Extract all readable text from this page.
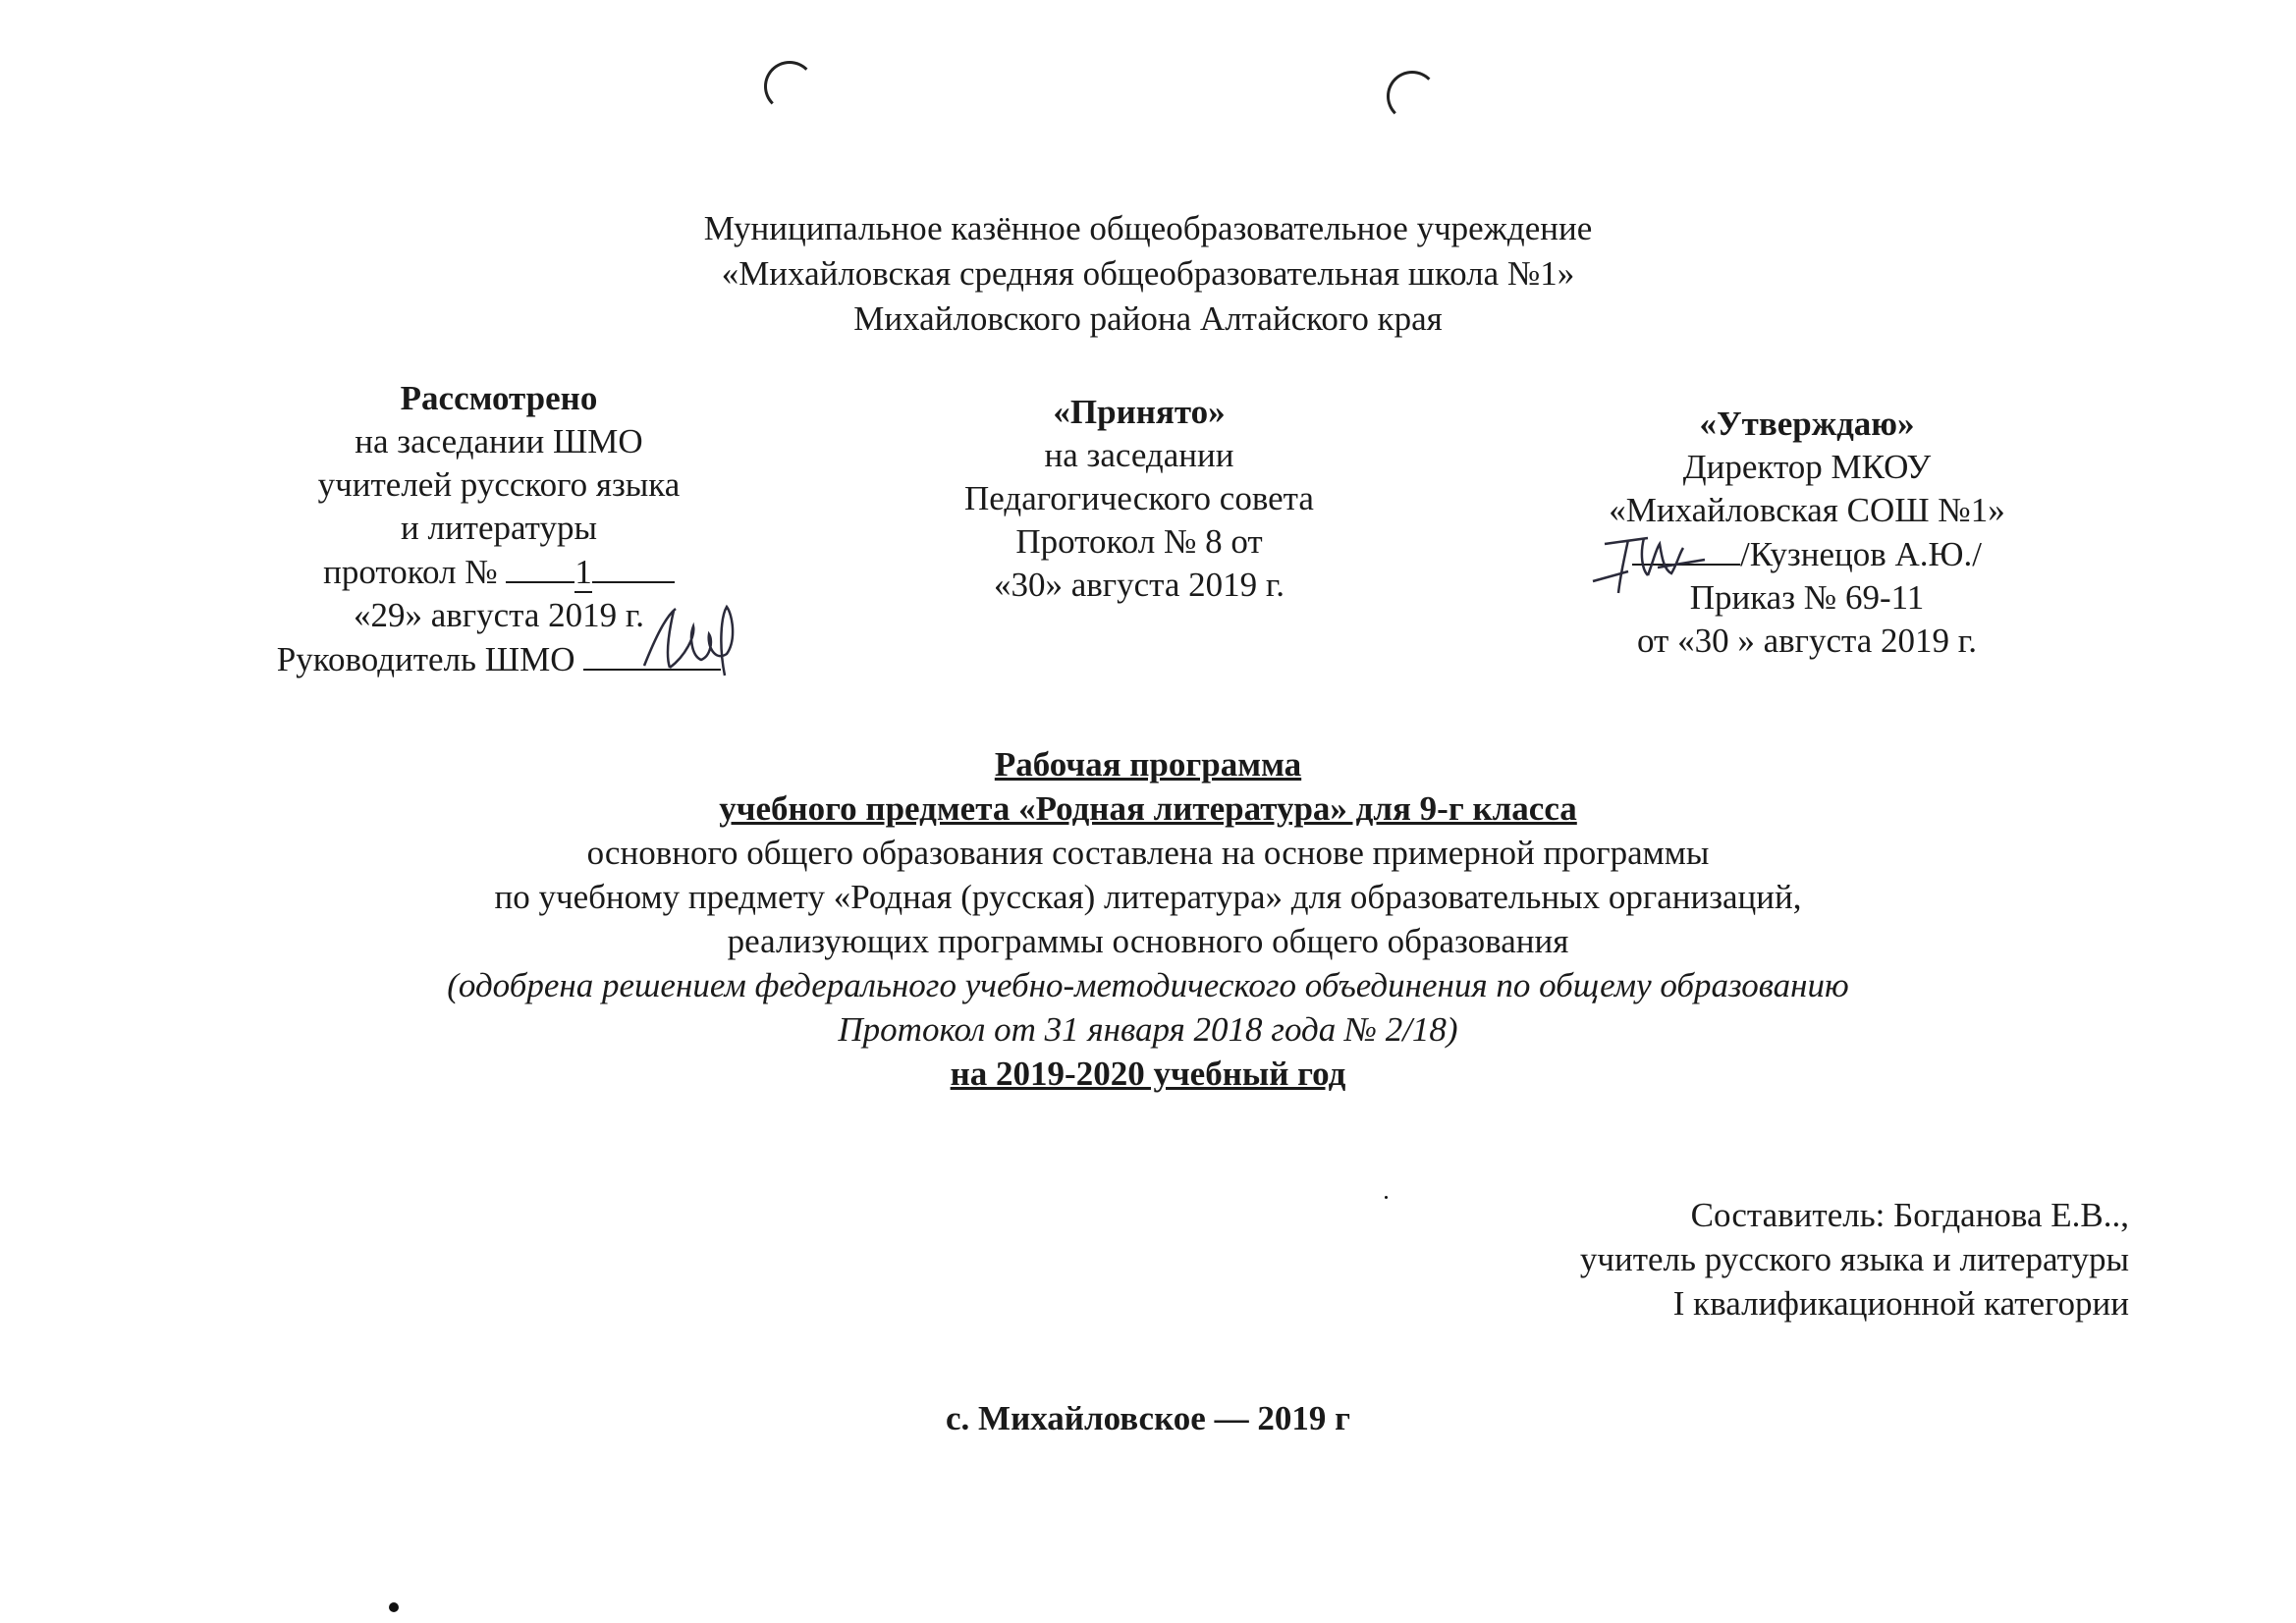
Муниципальное казённое общеобразовательное учреждение
«Михайловская средняя общеобразовательная школа №1»
Михайловского района Алтайского края
Рассмотрено
на заседании ШМО
учителей русского языка
и литературы
протокол № 1
«29» августа 2019 г.
Руководитель ШМО
«Принято»
на заседании
Педагогического совета
Протокол № 8 от
«30» августа 2019 г.
«Утверждаю»
Директор МКОУ
«Михайловская СОШ №1»
/Кузнецов А.Ю./
Приказ № 69-11
от «30 » августа 2019 г.
Рабочая программа
учебного предмета «Родная литература» для 9-г класса
основного общего образования составлена на основе примерной программы
по учебному предмету «Родная (русская) литература» для образовательных организаций,
реализующих программы основного общего образования
(одобрена решением федерального учебно-методического объединения по общему образованию
Протокол от 31 января 2018 года № 2/18)
на 2019-2020 учебный год
Составитель: Богданова Е.В..,
учитель русского языка и литературы
I квалификационной категории
с. Михайловское — 2019 г
